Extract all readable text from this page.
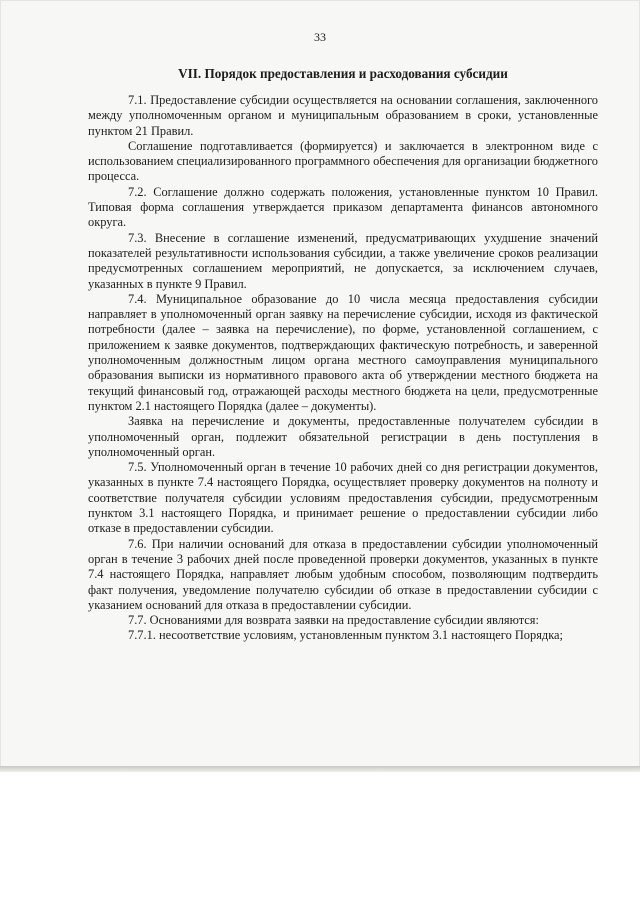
33
VII. Порядок предоставления и расходования субсидии

7.1. Предоставление субсидии осуществляется на основании соглашения, заключенного между уполномоченным органом и муниципальным образованием в сроки, установленные пунктом 21 Правил.

Соглашение подготавливается (формируется) и заключается в электронном виде с использованием специализированного программного обеспечения для организации бюджетного процесса.

7.2. Соглашение должно содержать положения, установленные пунктом 10 Правил. Типовая форма соглашения утверждается приказом департамента финансов автономного округа.

7.3. Внесение в соглашение изменений, предусматривающих ухудшение значений показателей результативности использования субсидии, а также увеличение сроков реализации предусмотренных соглашением мероприятий, не допускается, за исключением случаев, указанных в пункте 9 Правил.

7.4. Муниципальное образование до 10 числа месяца предоставления субсидии направляет в уполномоченный орган заявку на перечисление субсидии, исходя из фактической потребности (далее – заявка на перечисление), по форме, установленной соглашением, с приложением к заявке документов, подтверждающих фактическую потребность, и заверенной уполномоченным должностным лицом органа местного самоуправления муниципального образования выписки из нормативного правового акта об утверждении местного бюджета на текущий финансовый год, отражающей расходы местного бюджета на цели, предусмотренные пунктом 2.1 настоящего Порядка (далее – документы).

Заявка на перечисление и документы, предоставленные получателем субсидии в уполномоченный орган, подлежит обязательной регистрации в день поступления в уполномоченный орган.

7.5. Уполномоченный орган в течение 10 рабочих дней со дня регистрации документов, указанных в пункте 7.4 настоящего Порядка, осуществляет проверку документов на полноту и соответствие получателя субсидии условиям предоставления субсидии, предусмотренным пунктом 3.1 настоящего Порядка, и принимает решение о предоставлении субсидии либо отказе в предоставлении субсидии.

7.6. При наличии оснований для отказа в предоставлении субсидии уполномоченный орган в течение 3 рабочих дней после проведенной проверки документов, указанных в пункте 7.4 настоящего Порядка, направляет любым удобным способом, позволяющим подтвердить факт получения, уведомление получателю субсидии об отказе в предоставлении субсидии с указанием оснований для отказа в предоставлении субсидии.

7.7. Основаниями для возврата заявки на предоставление субсидии являются:

7.7.1. несоответствие условиям, установленным пунктом 3.1 настоящего Порядка;
